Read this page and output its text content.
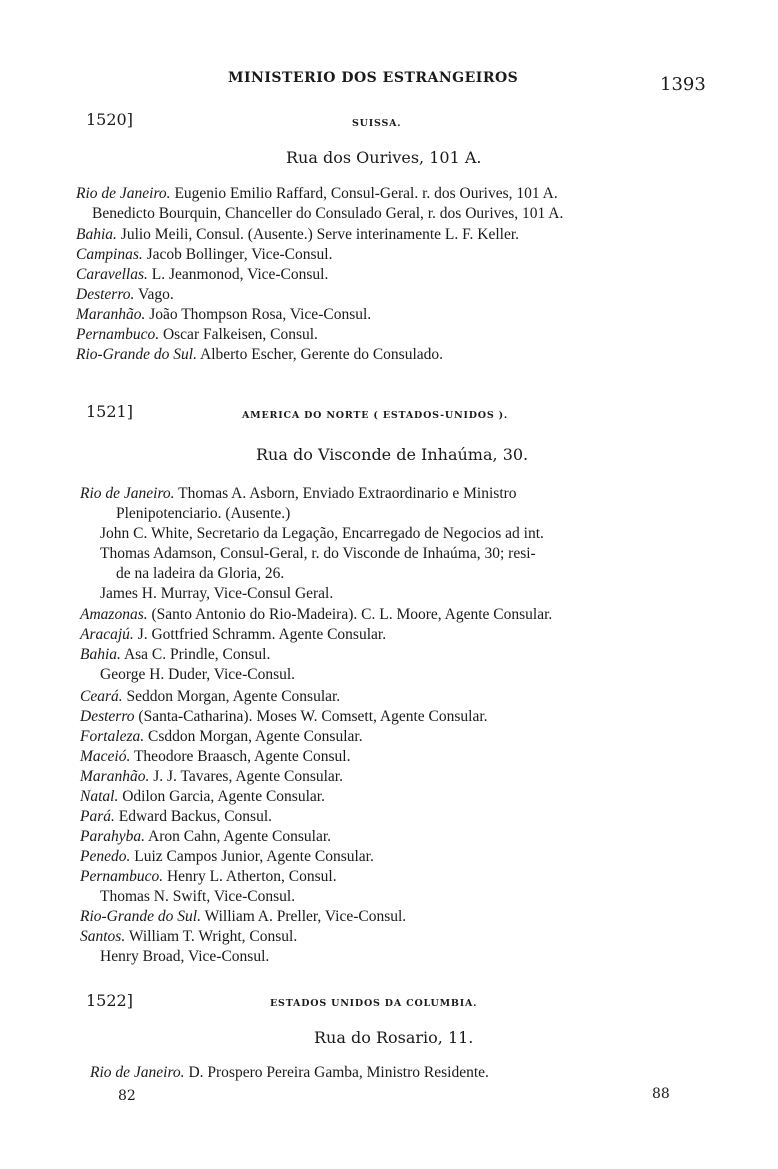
MINISTERIO DOS ESTRANGEIROS	1393
1520]	SUISSA.
Rua dos Ourives, 101 A.
Rio de Janeiro. Eugenio Emilio Raffard, Consul-Geral. r. dos Ourives, 101 A.
Benedicto Bourquin, Chanceller do Consulado Geral, r. dos Ourives, 101 A.
Bahia. Julio Meili, Consul. (Ausente.) Serve interinamente L. F. Keller.
Campinas. Jacob Bollinger, Vice-Consul.
Caravellas. L. Jeanmonod, Vice-Consul.
Desterro. Vago.
Maranhão. João Thompson Rosa, Vice-Consul.
Pernambuco. Oscar Falkeisen, Consul.
Rio-Grande do Sul. Alberto Escher, Gerente do Consulado.
1521]	AMERICA DO NORTE ( ESTADOS-UNIDOS ).
Rua do Visconde de Inhaúma, 30.
Rio de Janeiro. Thomas A. Asborn, Enviado Extraordinario e Ministro
Plenipotenciario. (Ausente.)
John C. White, Secretario da Legação, Encarregado de Negocios ad int.
Thomas Adamson, Consul-Geral, r. do Visconde de Inhaúma, 30; resi-
de na ladeira da Gloria, 26.
James H. Murray, Vice-Consul Geral.
Amazonas. (Santo Antonio do Rio-Madeira). C. L. Moore, Agente Consular.
Aracajú. J. Gottfried Schramm. Agente Consular.
Bahia. Asa C. Prindle, Consul.
George H. Duder, Vice-Consul.
Ceará. Seddon Morgan, Agente Consular.
Desterro (Santa-Catharina). Moses W. Comsett, Agente Consular.
Fortaleza. Csddon Morgan, Agente Consular.
Maceió. Theodore Braasch, Agente Consul.
Maranhão. J. J. Tavares, Agente Consular.
Natal. Odilon Garcia, Agente Consular.
Pará. Edward Backus, Consul.
Parahyba. Aron Cahn, Agente Consular.
Penedo. Luiz Campos Junior, Agente Consular.
Pernambuco. Henry L. Atherton, Consul.
Thomas N. Swift, Vice-Consul.
Rio-Grande do Sul. William A. Preller, Vice-Consul.
Santos. William T. Wright, Consul.
Henry Broad, Vice-Consul.
1522]	ESTADOS UNIDOS DA COLUMBIA.
Rua do Rosario, 11.
Rio de Janeiro. D. Prospero Pereira Gamba, Ministro Residente.
82	88
